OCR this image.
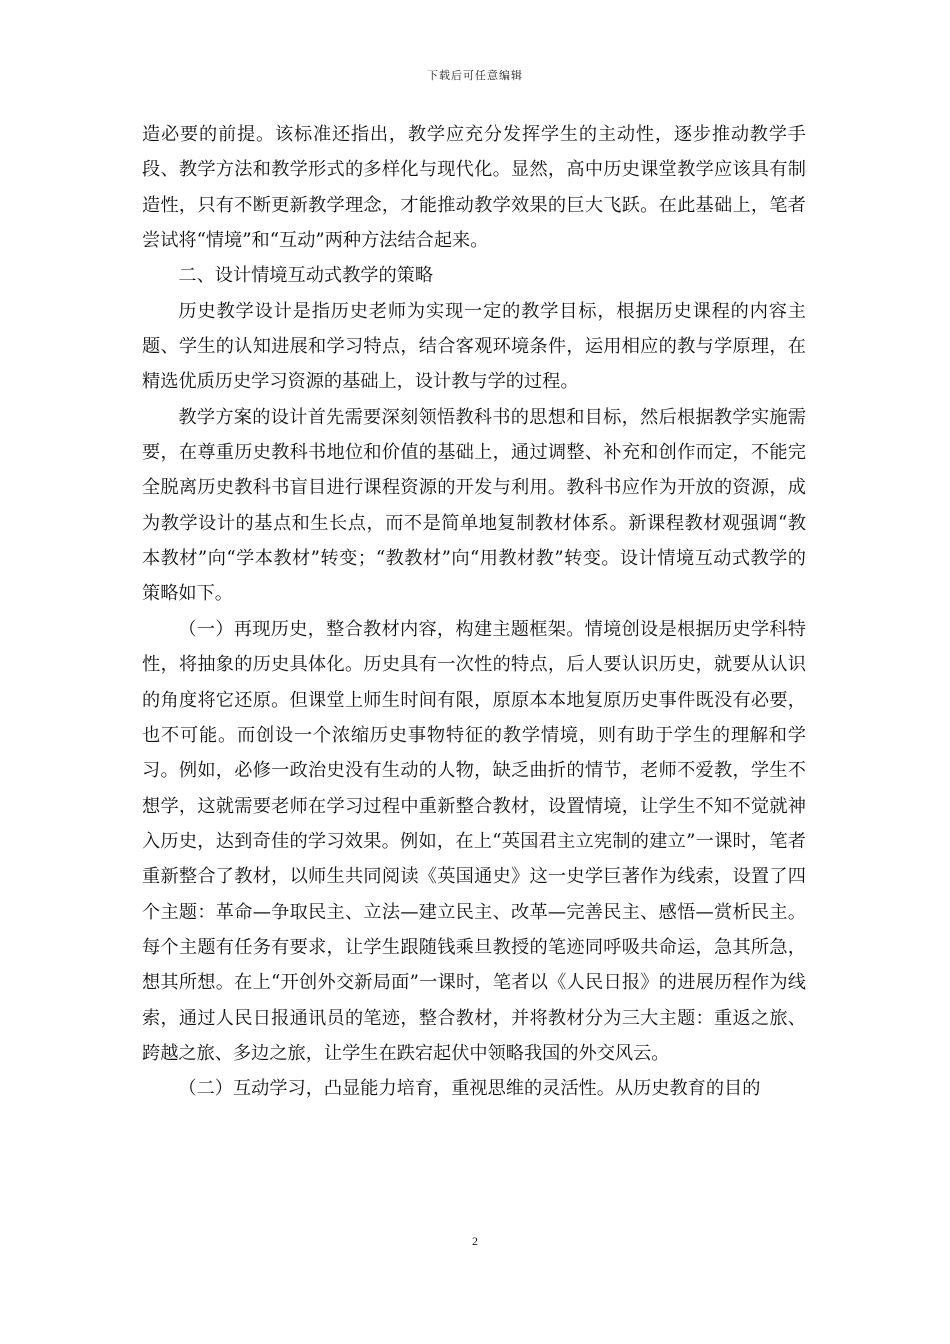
下载后可任意编辑

造必要的前提。该标准还指出，教学应充分发挥学生的主动性，逐步推动教学手段、教学方法和教学形式的多样化与现代化。显然，高中历史课堂教学应该具有制造性，只有不断更新教学理念，才能推动教学效果的巨大飞跃。在此基础上，笔者尝试将“情境”和“互动”两种方法结合起来。

二、设计情境互动式教学的策略

历史教学设计是指历史老师为实现一定的教学目标，根据历史课程的内容主题、学生的认知进展和学习特点，结合客观环境条件，运用相应的教与学原理，在精选优质历史学习资源的基础上，设计教与学的过程。

教学方案的设计首先需要深刻领悟教科书的思想和目标，然后根据教学实施需要，在尊重历史教科书地位和价值的基础上，通过调整、补充和创作而定，不能完全脱离历史教科书盲目进行课程资源的开发与利用。教科书应作为开放的资源，成为教学设计的基点和生长点，而不是简单地复制教材体系。新课程教材观强调“教本教材”向“学本教材”转变；“教教材”向“用教材教”转变。设计情境互动式教学的策略如下。

（一）再现历史，整合教材内容，构建主题框架。情境创设是根据历史学科特性，将抽象的历史具体化。历史具有一次性的特点，后人要认识历史，就要从认识的角度将它还原。但课堂上师生时间有限，原原本本地复原历史事件既没有必要，也不可能。而创设一个浓缩历史事物特征的教学情境，则有助于学生的理解和学习。例如，必修一政治史没有生动的人物，缺乏曲折的情节，老师不爱教，学生不想学，这就需要老师在学习过程中重新整合教材，设置情境，让学生不知不觉就神入历史，达到奇佳的学习效果。例如，在上“英国君主立宪制的建立”一课时，笔者重新整合了教材，以师生共同阅读《英国通史》这一史学巨著作为线索，设置了四个主题：革命—争取民主、立法—建立民主、改革—完善民主、感悟—赏析民主。每个主题有任务有要求，让学生跟随钱乘旦教授的笔迹同呼吸共命运，急其所急，想其所想。在上“开创外交新局面”一课时，笔者以《人民日报》的进展历程作为线索，通过人民日报通讯员的笔迹，整合教材，并将教材分为三大主题：重返之旅、跨越之旅、多边之旅，让学生在跌宕起伏中领略我国的外交风云。

（二）互动学习，凸显能力培育，重视思维的灵活性。从历史教育的目的

2
